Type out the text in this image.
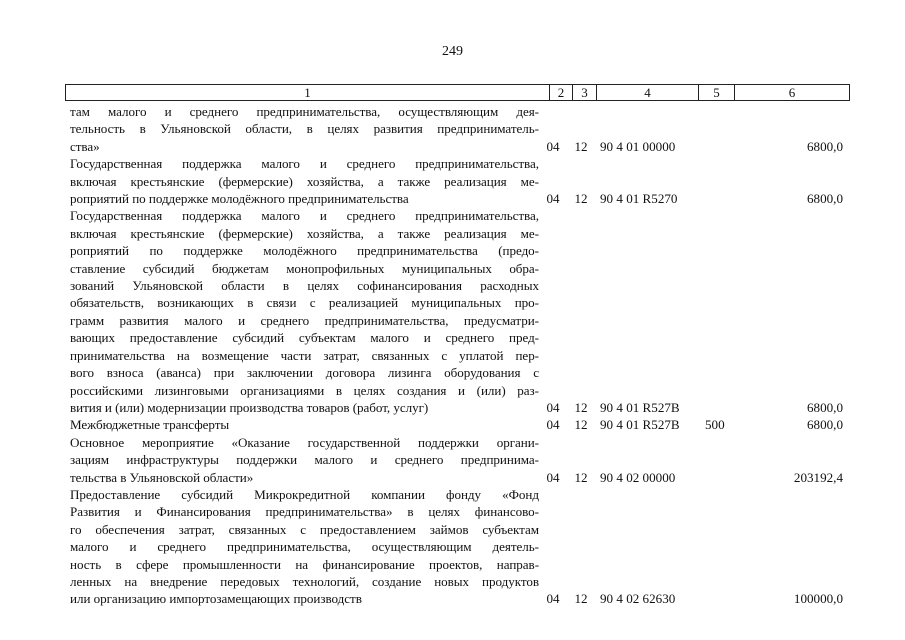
249
1	2	3	4	5	6
там малого и среднего предпринимательства, осуществляющим дея-
тельность в Ульяновской области, в целях развития предприниматель-
ства»	04	12 90 4 01 00000	6800,0
Государственная поддержка малого и среднего предпринимательства,
включая крестьянские (фермерские) хозяйства, а также реализация ме-
роприятий по поддержке молодёжного предпринимательства	04	12 90 4 01 R5270	6800,0
Государственная поддержка малого и среднего предпринимательства,
включая крестьянские (фермерские) хозяйства, а также реализация ме-
роприятий по поддержке молодёжного предпринимательства (предо-
ставление субсидий бюджетам монопрофильных муниципальных обра-
зований Ульяновской области в целях софинансирования расходных
обязательств, возникающих в связи с реализацией муниципальных про-
грамм развития малого и среднего предпринимательства, предусматри-
вающих предоставление субсидий субъектам малого и среднего пред-
принимательства на возмещение части затрат, связанных с уплатой пер-
вого взноса (аванса) при заключении договора лизинга оборудования с
российскими лизинговыми организациями в целях создания и (или) раз-
вития и (или) модернизации производства товаров (работ, услуг)	04	12 90 4 01 R527B	6800,0
Межбюджетные трансферты	04	12 90 4 01 R527B	500	6800,0
Основное мероприятие «Оказание государственной поддержки органи-
зациям инфраструктуры поддержки малого и среднего предпринима-
тельства в Ульяновской области»	04	12 90 4 02 00000	203192,4
Предоставление субсидий Микрокредитной компании фонду «Фонд
Развития и Финансирования предпринимательства» в целях финансово-
го обеспечения затрат, связанных с предоставлением займов субъектам
малого и среднего предпринимательства, осуществляющим деятель-
ность в сфере промышленности на финансирование проектов, направ-
ленных на внедрение передовых технологий, создание новых продуктов
или организацию импортозамещающих производств	04	12 90 4 02 62630	100000,0
